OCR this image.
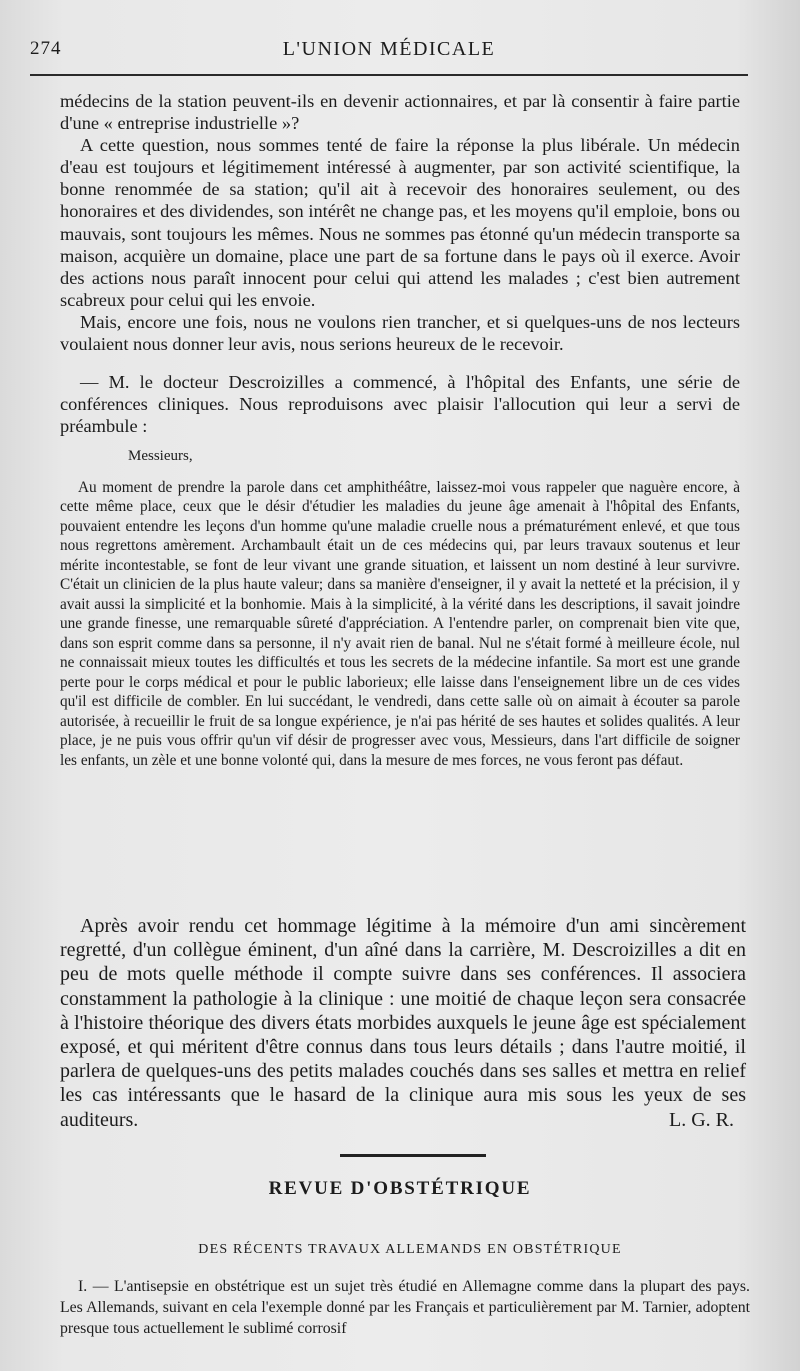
274	L'UNION MÉDICALE

médecins de la station peuvent-ils en devenir actionnaires, et par là consentir à faire partie d'une « entreprise industrielle »?

A cette question, nous sommes tenté de faire la réponse la plus libérale. Un médecin d'eau est toujours et légitimement intéressé à augmenter, par son activité scientifique, la bonne renommée de sa station; qu'il ait à recevoir des honoraires seulement, ou des honoraires et des dividendes, son intérêt ne change pas, et les moyens qu'il emploie, bons ou mauvais, sont toujours les mêmes. Nous ne sommes pas étonné qu'un médecin transporte sa maison, acquière un domaine, place une part de sa fortune dans le pays où il exerce. Avoir des actions nous paraît innocent pour celui qui attend les malades ; c'est bien autrement scabreux pour celui qui les envoie.

Mais, encore une fois, nous ne voulons rien trancher, et si quelques-uns de nos lecteurs voulaient nous donner leur avis, nous serions heureux de le recevoir.

— M. le docteur Descroizilles a commencé, à l'hôpital des Enfants, une série de conférences cliniques. Nous reproduisons avec plaisir l'allocution qui leur a servi de préambule :

Messieurs,

Au moment de prendre la parole dans cet amphithéâtre, laissez-moi vous rappeler que naguère encore, à cette même place, ceux que le désir d'étudier les maladies du jeune âge amenait à l'hôpital des Enfants, pouvaient entendre les leçons d'un homme qu'une maladie cruelle nous a prématurément enlevé, et que tous nous regrettons amèrement. Archambault était un de ces médecins qui, par leurs travaux soutenus et leur mérite incontestable, se font de leur vivant une grande situation, et laissent un nom destiné à leur survivre. C'était un clinicien de la plus haute valeur; dans sa manière d'enseigner, il y avait la netteté et la précision, il y avait aussi la simplicité et la bonhomie. Mais à la simplicité, à la vérité dans les descriptions, il savait joindre une grande finesse, une remarquable sûreté d'appréciation. A l'entendre parler, on comprenait bien vite que, dans son esprit comme dans sa personne, il n'y avait rien de banal. Nul ne s'était formé à meilleure école, nul ne connaissait mieux toutes les difficultés et tous les secrets de la médecine infantile. Sa mort est une grande perte pour le corps médical et pour le public laborieux; elle laisse dans l'enseignement libre un de ces vides qu'il est difficile de combler. En lui succédant, le vendredi, dans cette salle où on aimait à écouter sa parole autorisée, à recueillir le fruit de sa longue expérience, je n'ai pas hérité de ses hautes et solides qualités. A leur place, je ne puis vous offrir qu'un vif désir de progresser avec vous, Messieurs, dans l'art difficile de soigner les enfants, un zèle et une bonne volonté qui, dans la mesure de mes forces, ne vous feront pas défaut.

Après avoir rendu cet hommage légitime à la mémoire d'un ami sincèrement regretté, d'un collègue éminent, d'un aîné dans la carrière, M. Descroizilles a dit en peu de mots quelle méthode il compte suivre dans ses conférences. Il associera constamment la pathologie à la clinique : une moitié de chaque leçon sera consacrée à l'histoire théorique des divers états morbides auxquels le jeune âge est spécialement exposé, et qui méritent d'être connus dans tous leurs détails ; dans l'autre moitié, il parlera de quelques-uns des petits malades couchés dans ses salles et mettra en relief les cas intéressants que le hasard de la clinique aura mis sous les yeux de ses auditeurs.	L. G. R.

REVUE D'OBSTÉTRIQUE
DES RÉCENTS TRAVAUX ALLEMANDS EN OBSTÉTRIQUE

I. — L'antisepsie en obstétrique est un sujet très étudié en Allemagne comme dans la plupart des pays. Les Allemands, suivant en cela l'exemple donné par les Français et particulièrement par M. Tarnier, adoptent presque tous actuellement le sublimé corrosif
